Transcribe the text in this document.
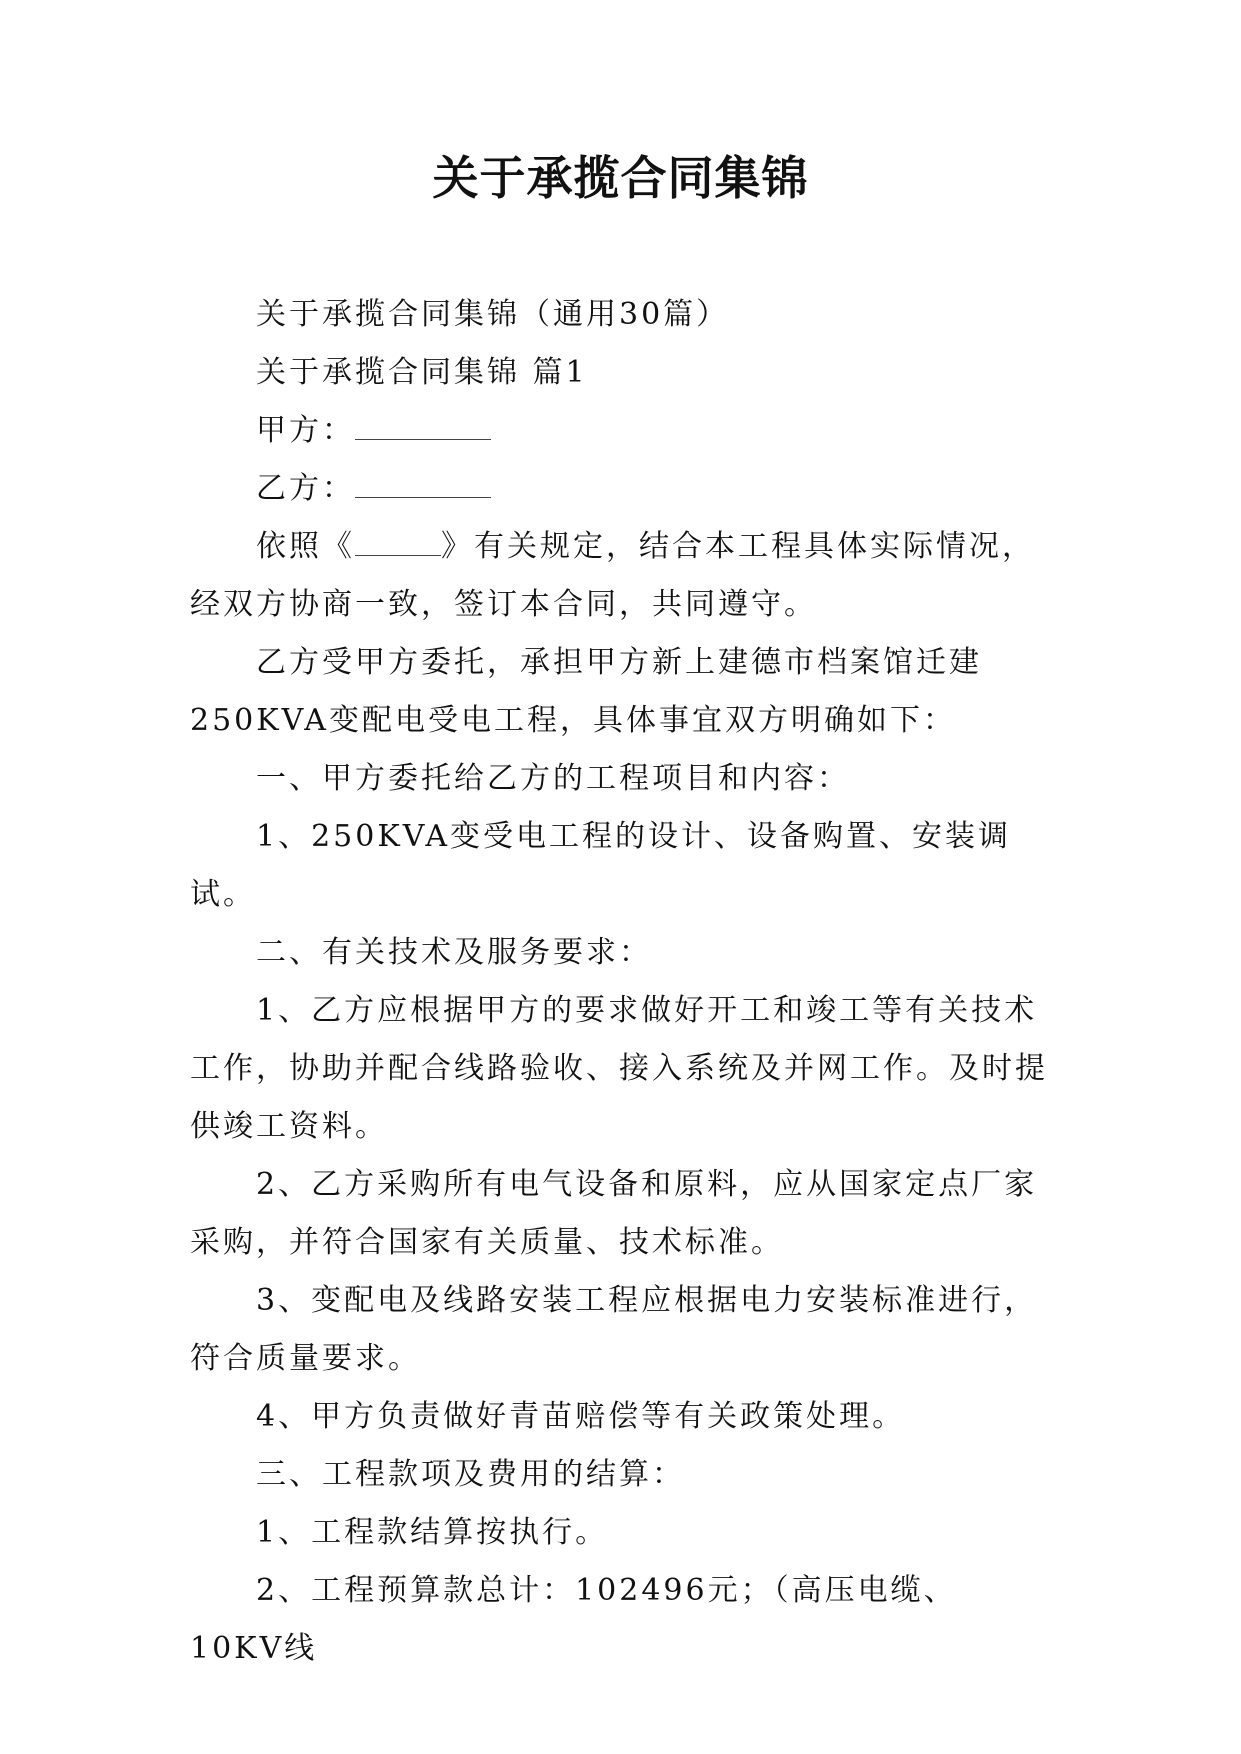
关于承揽合同集锦

关于承揽合同集锦（通用30篇）

关于承揽合同集锦 篇1

甲方：

乙方：

依照《	》有关规定，结合本工程具体实际情况，经双方协商一致，签订本合同，共同遵守。

乙方受甲方委托，承担甲方新上建德市档案馆迁建250KVA变配电受电工程，具体事宜双方明确如下：

一、甲方委托给乙方的工程项目和内容：

1、250KVA变受电工程的设计、设备购置、安装调试。

二、有关技术及服务要求：

1、乙方应根据甲方的要求做好开工和竣工等有关技术工作，协助并配合线路验收、接入系统及并网工作。及时提供竣工资料。

2、乙方采购所有电气设备和原料，应从国家定点厂家采购，并符合国家有关质量、技术标准。

3、变配电及线路安装工程应根据电力安装标准进行，符合质量要求。

4、甲方负责做好青苗赔偿等有关政策处理。

三、工程款项及费用的结算：

1、工程款结算按执行。

2、工程预算款总计：102496元；（高压电缆、10KV线
